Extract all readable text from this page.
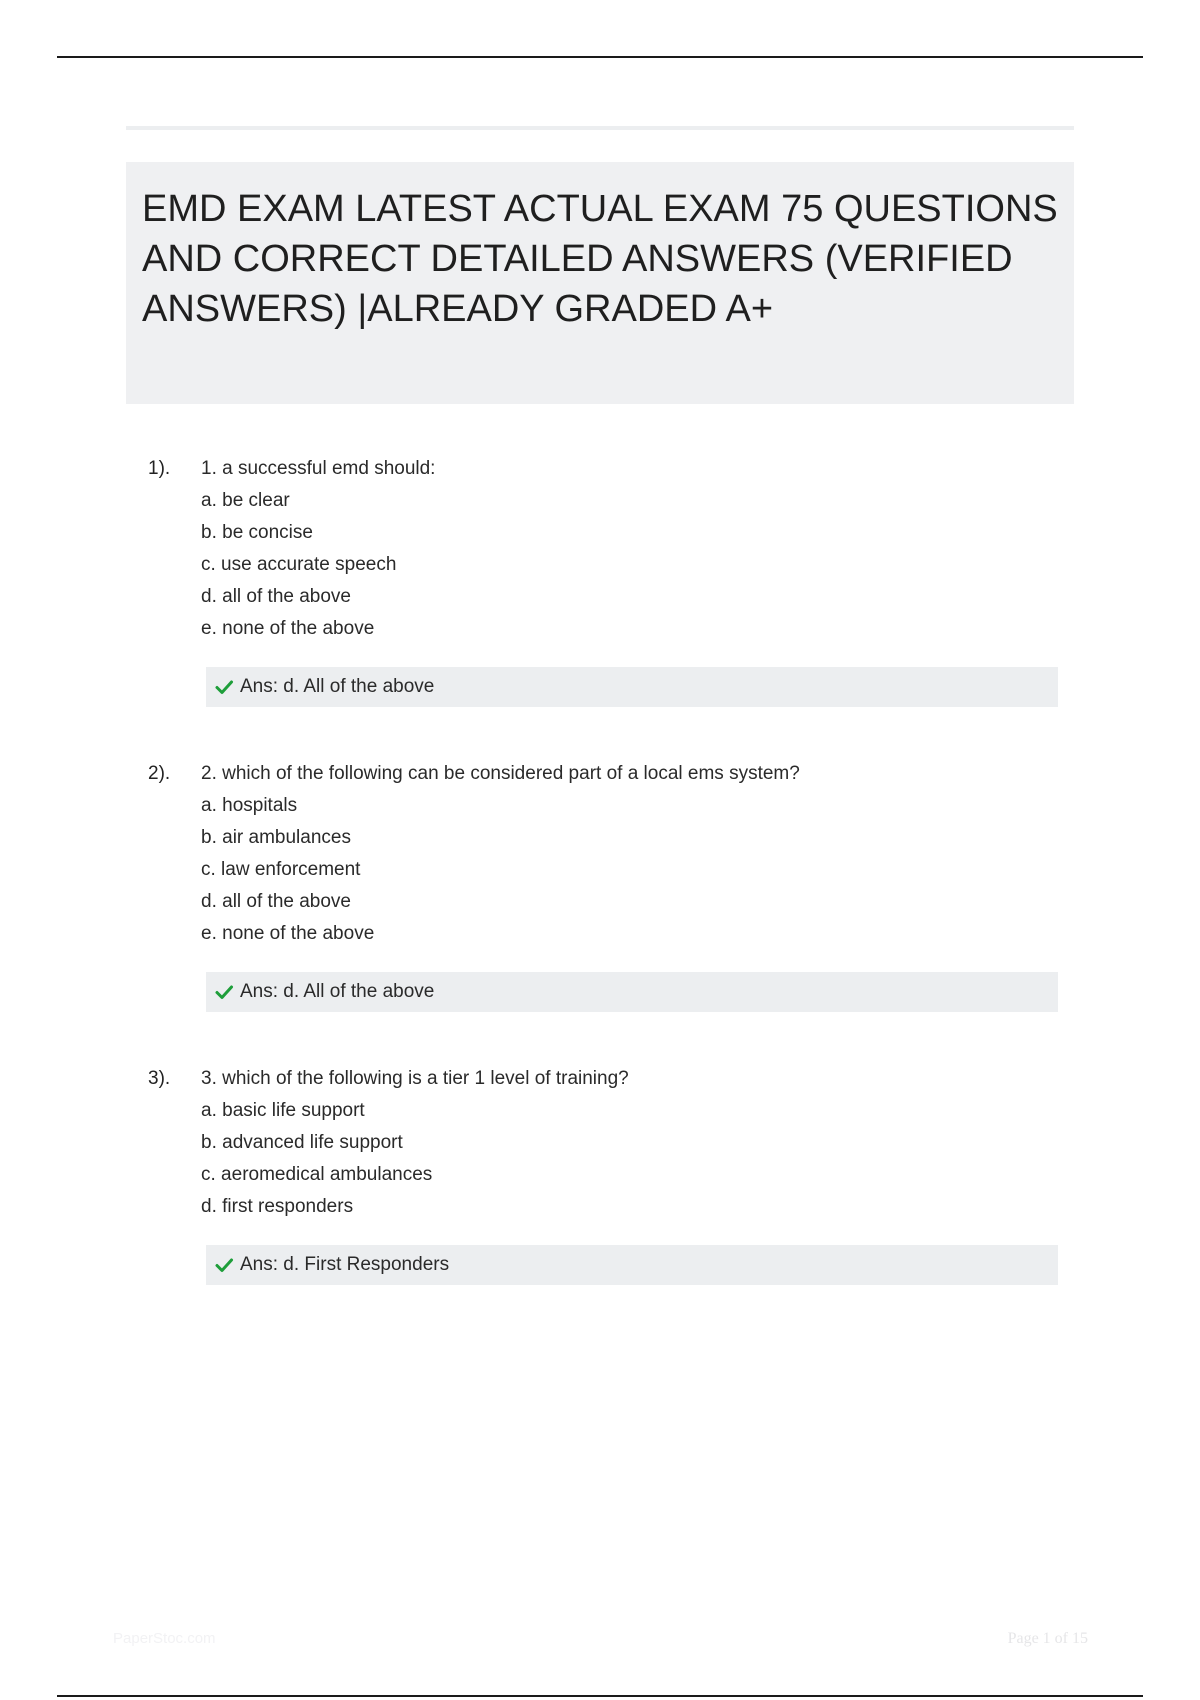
EMD EXAM LATEST ACTUAL EXAM 75 QUESTIONS AND CORRECT DETAILED ANSWERS (VERIFIED ANSWERS) |ALREADY GRADED A+
1). 1. a successful emd should:
a. be clear
b. be concise
c. use accurate speech
d. all of the above
e. none of the above
Ans: d. All of the above
2). 2. which of the following can be considered part of a local ems system?
a. hospitals
b. air ambulances
c. law enforcement
d. all of the above
e. none of the above
Ans: d. All of the above
3). 3. which of the following is a tier 1 level of training?
a. basic life support
b. advanced life support
c. aeromedical ambulances
d. first responders
Ans: d. First Responders
PaperStoc.com	Page 1 of 15
